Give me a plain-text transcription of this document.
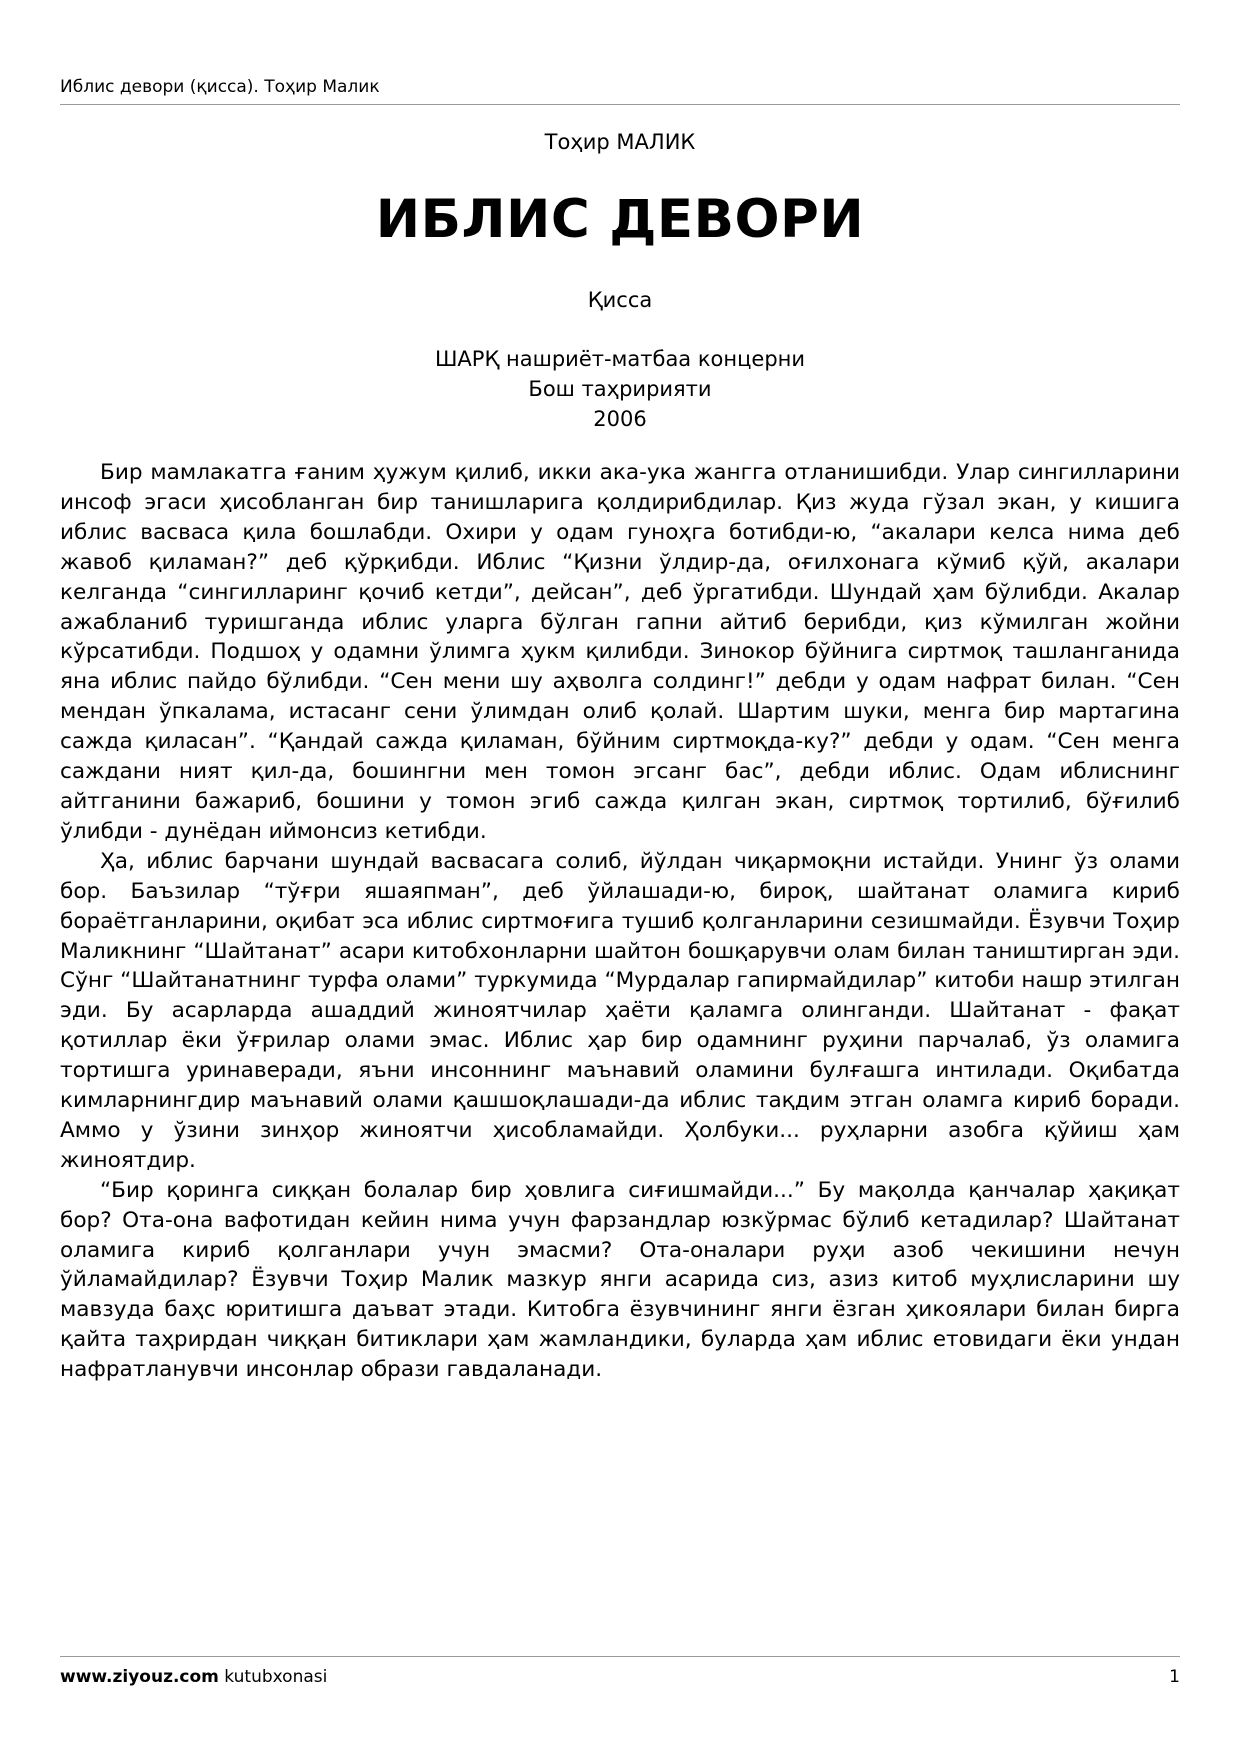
Иблис девори (қисса). Тоҳир Малик
Тоҳир МАЛИК
ИБЛИС ДЕВОРИ
Қисса
ШАРҚ нашриёт-матбаа концерни
Бош таҳририяти
2006

Бир мамлакатга ғаним ҳужум қилиб, икки ака-ука жангга отланишибди. Улар сингилларини инсоф эгаси ҳисобланган бир танишларига қолдирибдилар. Қиз жуда гўзал экан, у кишига иблис васваса қила бошлабди. Охири у одам гуноҳга ботибди-ю, “акалари келса нима деб жавоб қиламан?” деб қўрқибди. Иблис “Қизни ўлдир-да, оғилхонага кўмиб қўй, акалари келганда “сингилларинг қочиб кетди”, дейсан”, деб ўргатибди. Шундай ҳам бўлибди. Акалар ажабланиб туришганда иблис уларга бўлган гапни айтиб берибди, қиз кўмилган жойни кўрсатибди. Подшоҳ у одамни ўлимга ҳукм қилибди. Зинокор бўйнига сиртмоқ ташланганида яна иблис пайдо бўлибди. “Сен мени шу аҳволга солдинг!” дебди у одам нафрат билан. “Сен мендан ўпкалама, истасанг сени ўлимдан олиб қолай. Шартим шуки, менга бир мартагина сажда қиласан”. “Қандай сажда қиламан, бўйним сиртмоқда-ку?” дебди у одам. “Сен менга саждани ният қил-да, бошингни мен томон эгсанг бас”, дебди иблис. Одам иблиснинг айтганини бажариб, бошини у томон эгиб сажда қилган экан, сиртмоқ тортилиб, бўғилиб ўлибди - дунёдан иймонсиз кетибди.

Ҳа, иблис барчани шундай васвасага солиб, йўлдан чиқармоқни истайди. Унинг ўз олами бор. Баъзилар “тўғри яшаяпман”, деб ўйлашади-ю, бироқ, шайтанат оламига кириб бораётганларини, оқибат эса иблис сиртмоғига тушиб қолганларини сезишмайди. Ёзувчи Тоҳир Маликнинг “Шайтанат” асари китобхонларни шайтон бошқарувчи олам билан таништирган эди. Сўнг “Шайтанатнинг турфа олами” туркумида “Мурдалар гапирмайдилар” китоби нашр этилган эди. Бу асарларда ашаддий жиноятчилар ҳаёти қаламга олинганди. Шайтанат - фақат қотиллар ёки ўғрилар олами эмас. Иблис ҳар бир одамнинг руҳини парчалаб, ўз оламига тортишга уринаверади, яъни инсоннинг маънавий оламини булғашга интилади. Оқибатда кимларнингдир маънавий олами қашшоқлашади-да иблис тақдим этган оламга кириб боради. Аммо у ўзини зинҳор жиноятчи ҳисобламайди. Ҳолбуки... руҳларни азобга қўйиш ҳам жиноятдир.

“Бир қорингa сиққан болалар бир ҳовлига сиғишмайди...” Бу мақолда қанчалар ҳақиқат бор? Ота-она вафотидан кейин нима учун фарзандлар юзкўрмас бўлиб кетадилар? Шайтанат оламига кириб қолганлари учун эмасми? Ота-оналари руҳи азоб чекишини нечун ўйламайдилар? Ёзувчи Тоҳир Малик мазкур янги асарида сиз, азиз китоб муҳлисларини шу мавзуда баҳс юритишга даъват этади. Китобга ёзувчининг янги ёзган ҳикоялари билан бирга қайта таҳрирдан чиққан битиклари ҳам жамландики, буларда ҳам иблис етовидаги ёки ундан нафратланувчи инсонлар образи гавдаланади.

www.ziyouz.com kutubxonasi	1
